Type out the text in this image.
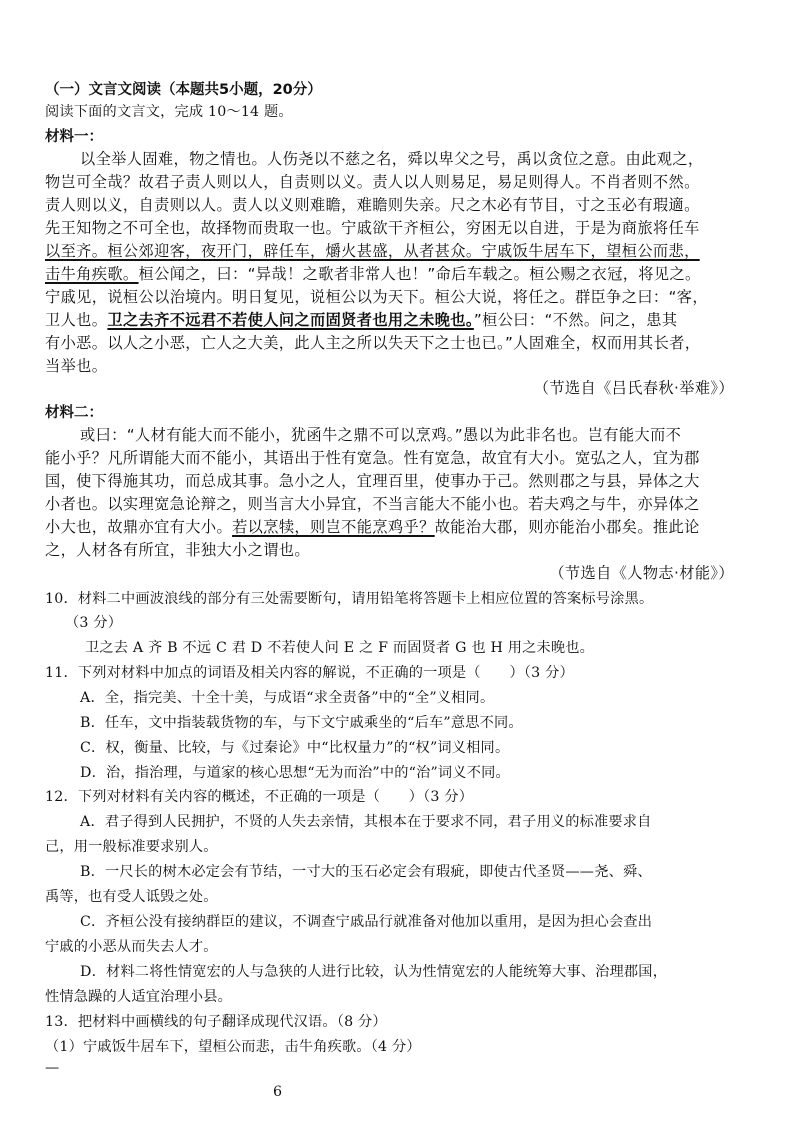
（一）文言文阅读（本题共5小题，20分）
阅读下面的文言文，完成 10～14 题。
材料一：
以全举人固难，物之情也。人伤尧以不慈之名，舜以卑父之号，禹以贪位之意。由此观之，
物岂可全哉？故君子责人则以人，自责则以义。责人以人则易足，易足则得人。不肖者则不然。
责人则以义，自责则以人。责人以义则难瞻，难瞻则失亲。尺之木必有节目，寸之玉必有瑕適。
先王知物之不可全也，故择物而贵取一也。宁戚欲干齐桓公，穷困无以自进，于是为商旅将任车
以至齐。桓公郊迎客，夜开门，辟任车，爝火甚盛，从者甚众。宁戚饭牛居车下，望桓公而悲，
击牛角疾歌。桓公闻之，曰：“异哉！之歌者非常人也！”命后车载之。桓公赐之衣冠，将见之。
宁戚见，说桓公以治境内。明日复见，说桓公以为天下。桓公大说，将任之。群臣争之曰：“客，
卫人也。卫之去齐不远君不若使人问之而固贤者也用之未晚也。”桓公曰：“不然。问之，患其
有小恶。以人之小恶，亡人之大美，此人主之所以失天下之士也已。”人固难全，权而用其长者，
当举也。
（节选自《吕氏春秋·举难》）
材料二：
或曰：“人材有能大而不能小，犹函牛之鼎不可以烹鸡。”愚以为此非名也。岂有能大而不
能小乎？凡所谓能大而不能小，其语出于性有宽急。性有宽急，故宜有大小。宽弘之人，宜为郡
国，使下得施其功，而总成其事。急小之人，宜理百里，使事办于己。然则郡之与县，异体之大
小者也。以实理宽急论辩之，则当言大小异宜，不当言能大不能小也。若夫鸡之与牛，亦异体之
小大也，故鼎亦宜有大小。若以烹犊，则岂不能烹鸡乎？故能治大郡，则亦能治小郡矣。推此论
之，人材各有所宜，非独大小之谓也。
（节选自《人物志·材能》）
10．材料二中画波浪线的部分有三处需要断句，请用铅笔将答题卡上相应位置的答案标号涂黑。
（3 分）
卫之去 A 齐 B 不远 C 君 D 不若使人问 E 之 F 而固贤者 G 也 H 用之未晚也。
11．下列对材料中加点的词语及相关内容的解说，不正确的一项是（　　）（3 分）
A．全，指完美、十全十美，与成语“求全责备”中的“全”义相同。
B．任车，文中指装载货物的车，与下文宁戚乘坐的“后车”意思不同。
C．权，衡量、比较，与《过秦论》中“比权量力”的“权”词义相同。
D．治，指治理，与道家的核心思想“无为而治”中的“治”词义不同。
12．下列对材料有关内容的概述，不正确的一项是（　　）（3 分）
A．君子得到人民拥护，不贤的人失去亲情，其根本在于要求不同，君子用义的标准要求自
己，用一般标准要求别人。
B．一尺长的树木必定会有节结，一寸大的玉石必定会有瑕疵，即使古代圣贤——尧、舜、
禹等，也有受人诋毁之处。
C．齐桓公没有接纳群臣的建议，不调查宁戚品行就准备对他加以重用，是因为担心会查出
宁戚的小恶从而失去人才。
D．材料二将性情宽宏的人与急狭的人进行比较，认为性情宽宏的人能统筹大事、治理郡国，
性情急躁的人适宜治理小县。
13．把材料中画横线的句子翻译成现代汉语。（8 分）
（1）宁戚饭牛居车下，望桓公而悲，击牛角疾歌。（4 分）
—
6
